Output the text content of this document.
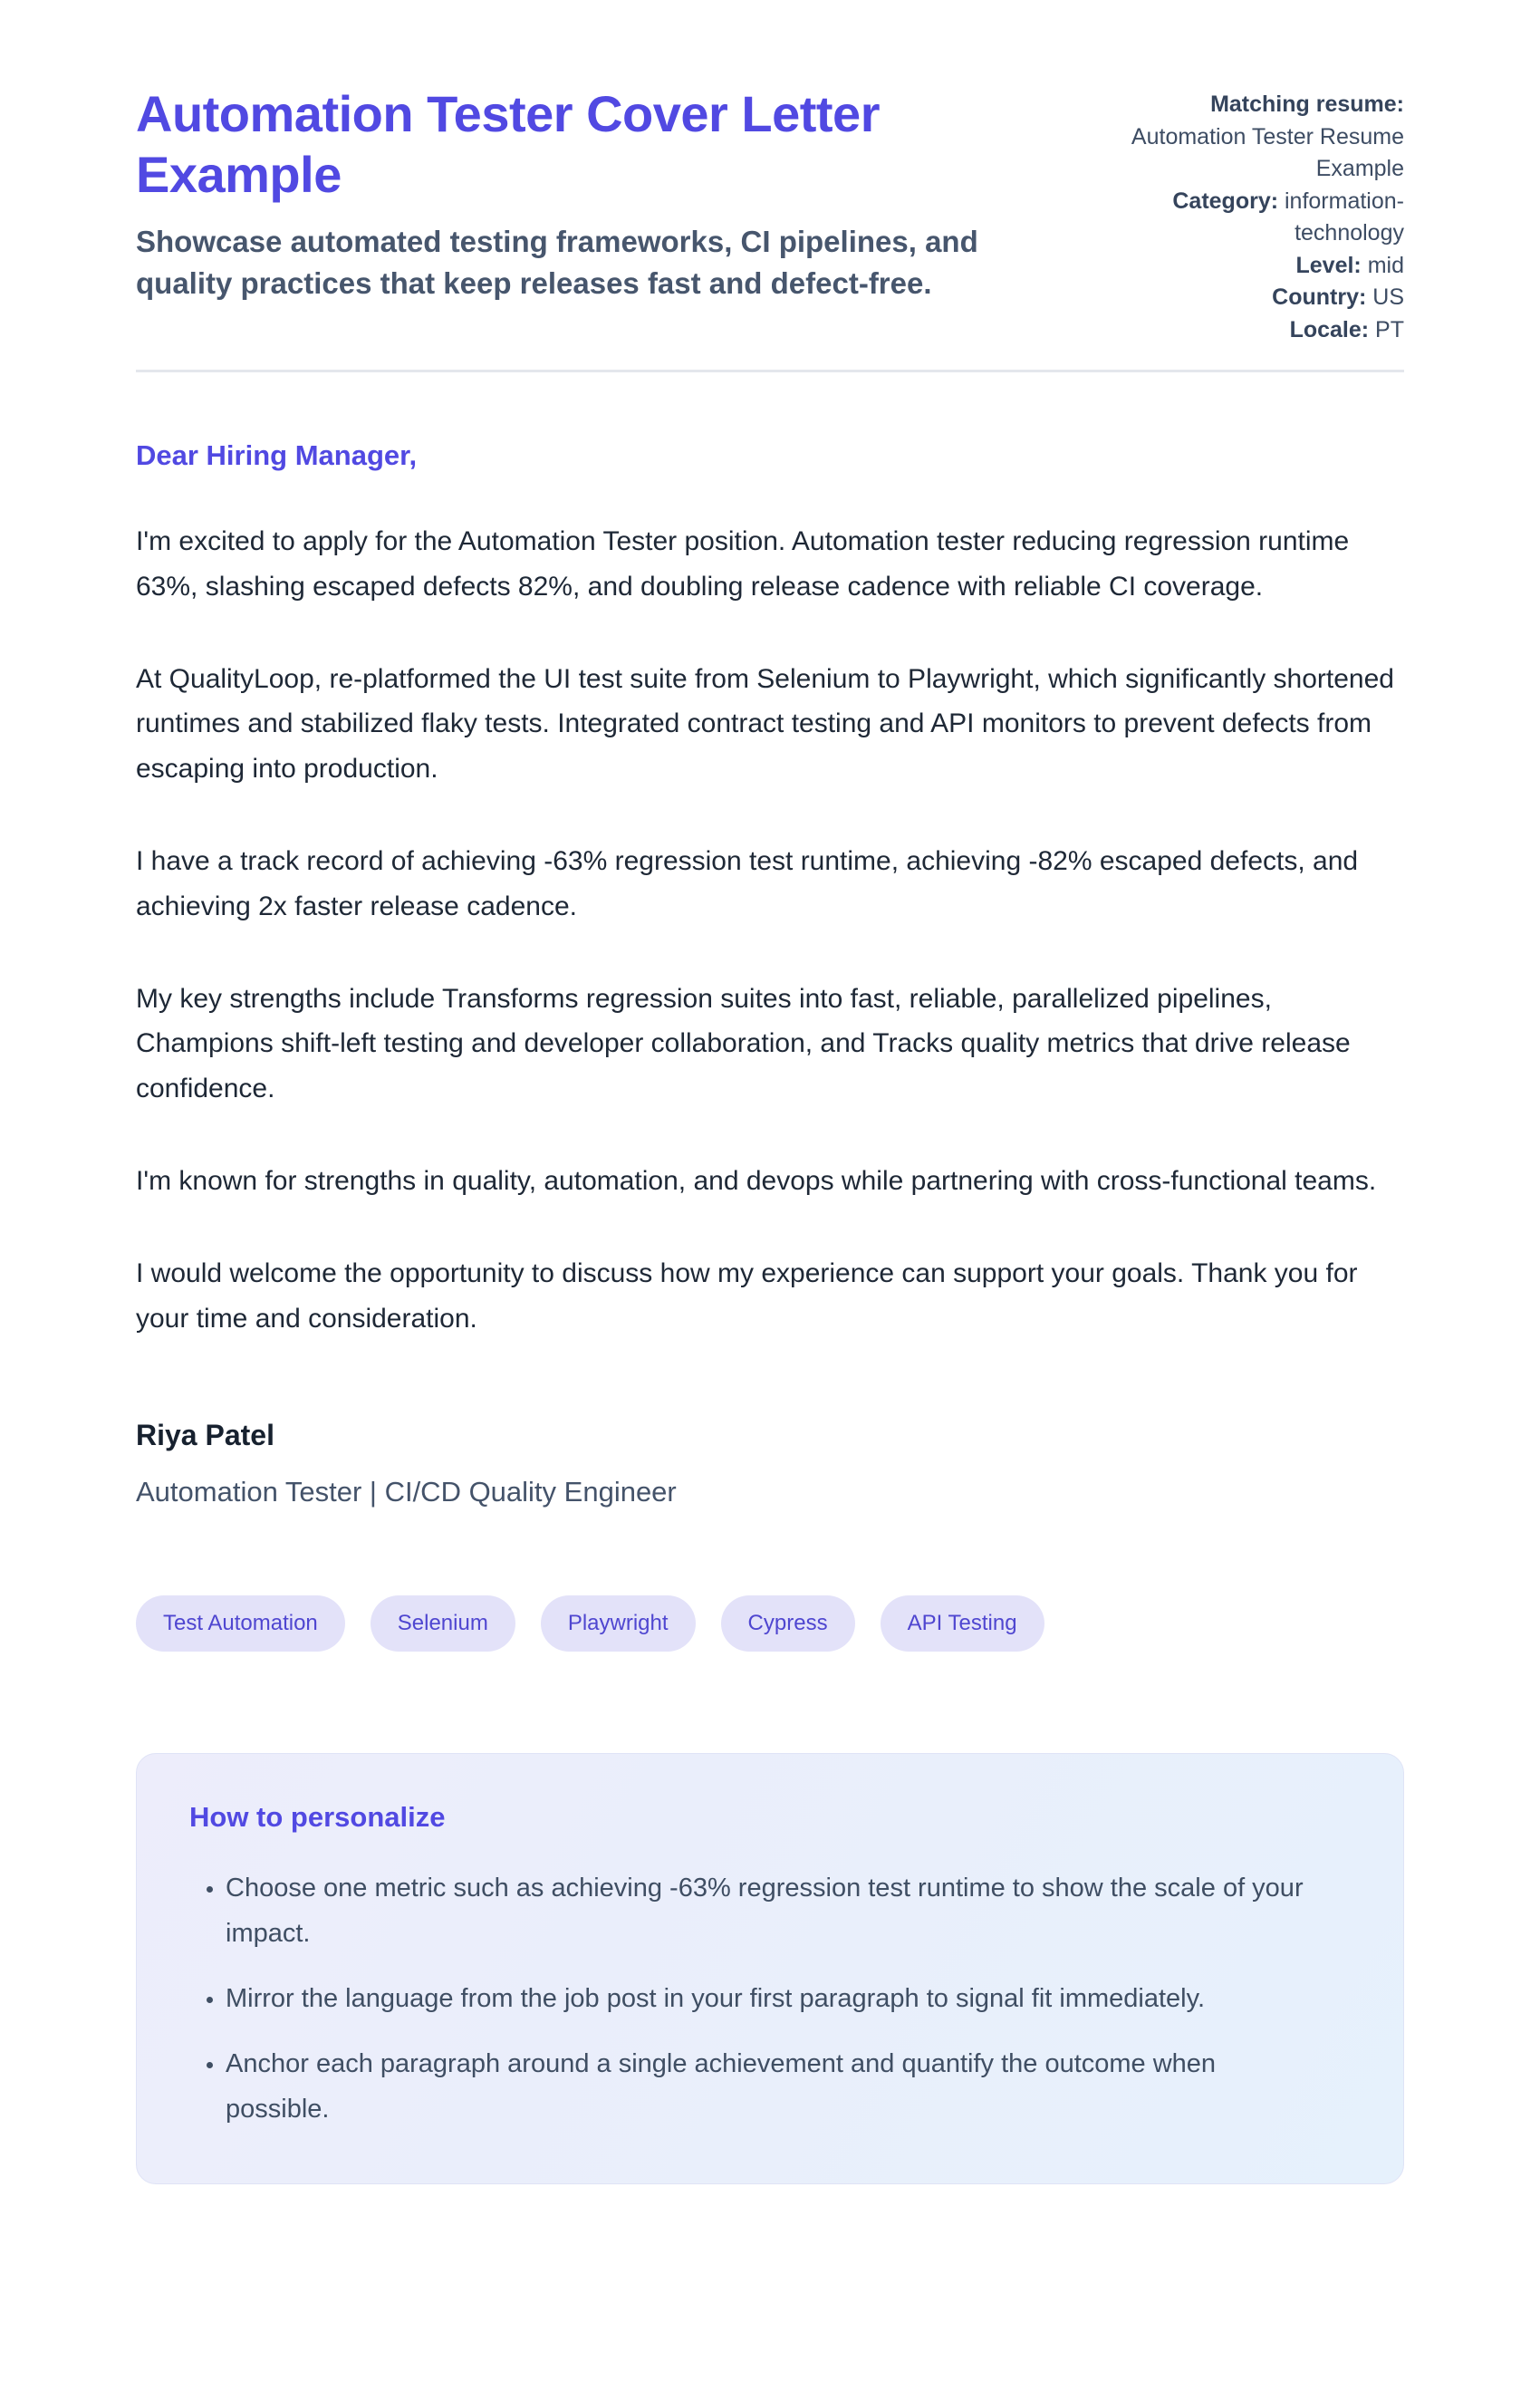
Automation Tester Cover Letter Example
Showcase automated testing frameworks, CI pipelines, and quality practices that keep releases fast and defect-free.
Matching resume:
Automation Tester Resume Example
Category: information-technology
Level: mid
Country: US
Locale: PT

Dear Hiring Manager,

I'm excited to apply for the Automation Tester position. Automation tester reducing regression runtime 63%, slashing escaped defects 82%, and doubling release cadence with reliable CI coverage.

At QualityLoop, re-platformed the UI test suite from Selenium to Playwright, which significantly shortened runtimes and stabilized flaky tests. Integrated contract testing and API monitors to prevent defects from escaping into production.

I have a track record of achieving -63% regression test runtime, achieving -82% escaped defects, and achieving 2x faster release cadence.

My key strengths include Transforms regression suites into fast, reliable, parallelized pipelines, Champions shift-left testing and developer collaboration, and Tracks quality metrics that drive release confidence.

I'm known for strengths in quality, automation, and devops while partnering with cross-functional teams.

I would welcome the opportunity to discuss how my experience can support your goals. Thank you for your time and consideration.

Riya Patel

Automation Tester | CI/CD Quality Engineer

Test Automation	Selenium	Playwright	Cypress	API Testing
How to personalize
• Choose one metric such as achieving -63% regression test runtime to show the scale of your impact.
• Mirror the language from the job post in your first paragraph to signal fit immediately.
• Anchor each paragraph around a single achievement and quantify the outcome when possible.
